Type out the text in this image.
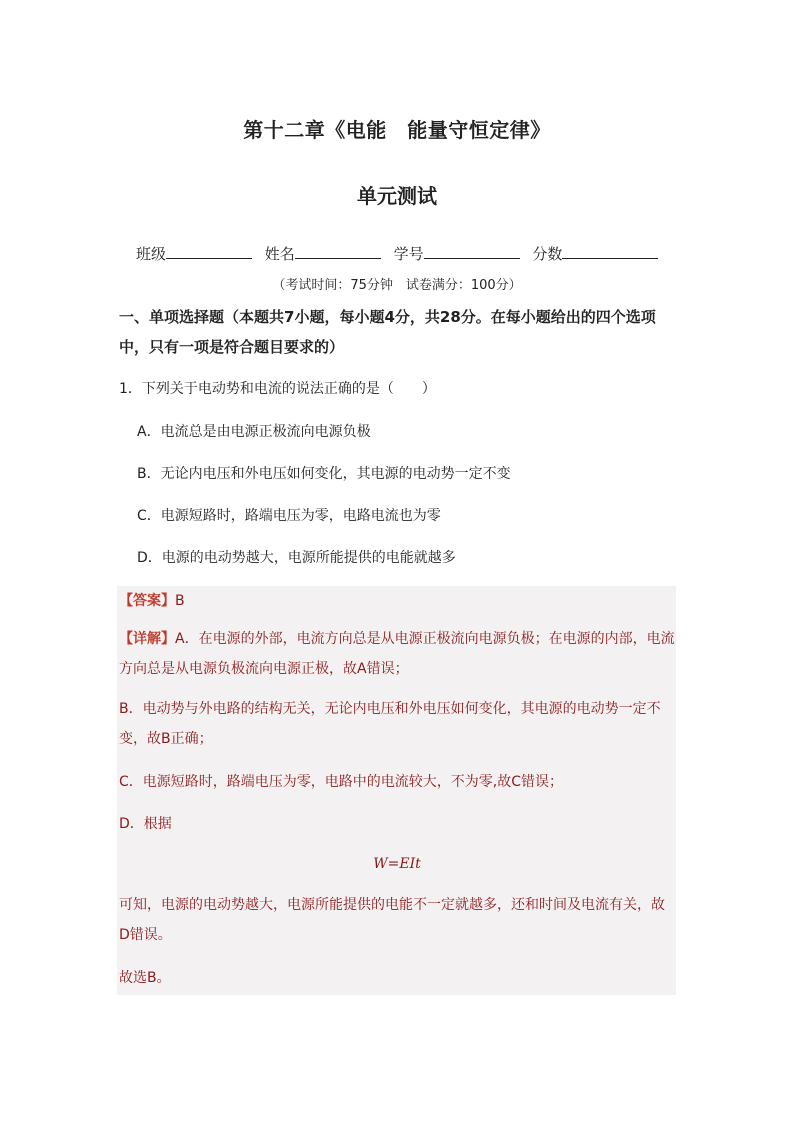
第十二章《电能　能量守恒定律》
单元测试
班级	姓名	学号	分数
（考试时间：75分钟　试卷满分：100分）
一、单项选择题（本题共7小题，每小题4分，共28分。在每小题给出的四个选项中，只有一项是符合题目要求的）
1．下列关于电动势和电流的说法正确的是（　　）
A．电流总是由电源正极流向电源负极
B．无论内电压和外电压如何变化，其电源的电动势一定不变
C．电源短路时，路端电压为零，电路电流也为零
D．电源的电动势越大，电源所能提供的电能就越多
【答案】B
【详解】A．在电源的外部，电流方向总是从电源正极流向电源负极；在电源的内部，电流方向总是从电源负极流向电源正极，故A错误；
B．电动势与外电路的结构无关，无论内电压和外电压如何变化，其电源的电动势一定不变，故B正确；
C．电源短路时，路端电压为零，电路中的电流较大，不为零,故C错误；
D．根据
W=EIt
可知，电源的电动势越大，电源所能提供的电能不一定就越多，还和时间及电流有关，故D错误。
故选B。
